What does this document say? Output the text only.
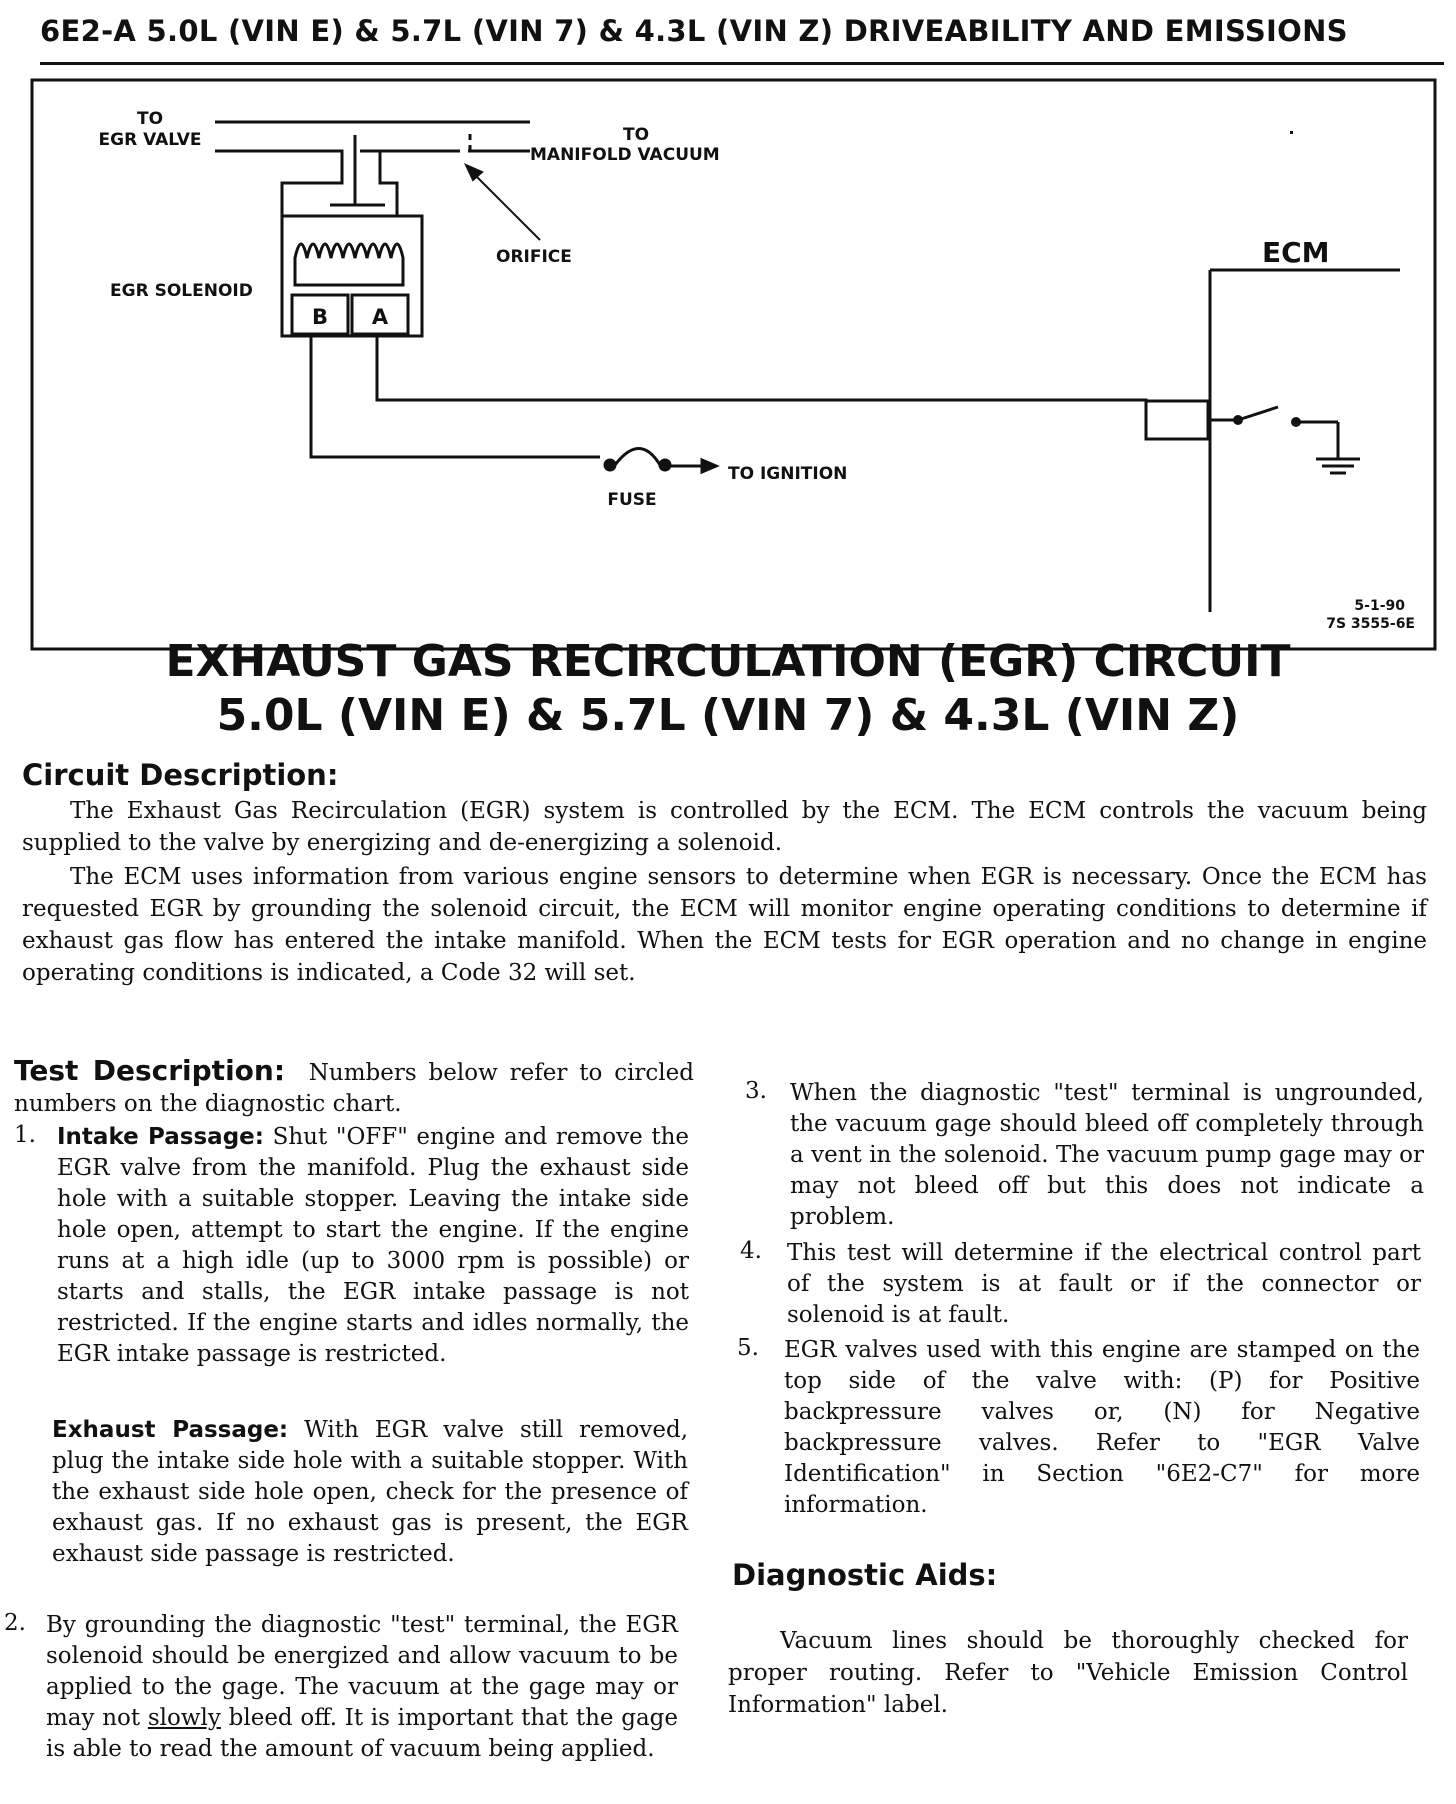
6E2-A 5.0L (VIN E) & 5.7L (VIN 7) & 4.3L (VIN Z) DRIVEABILITY AND EMISSIONS
TO
EGR VALVE	TO
MANIFOLD VACUUM
ORIFICE
EGR SOLENOID
TO IGNITION
FUSE
B A
ECM
5-1-90
7S 3555-6E
EXHAUST GAS RECIRCULATION (EGR) CIRCUIT
5.0L (VIN E) & 5.7L (VIN 7) & 4.3L (VIN Z)
Circuit Description:

The Exhaust Gas Recirculation (EGR) system is controlled by the ECM. The ECM controls the vacuum being supplied to the valve by energizing and de-energizing a solenoid.

The ECM uses information from various engine sensors to determine when EGR is necessary. Once the ECM has requested EGR by grounding the solenoid circuit, the ECM will monitor engine operating conditions to determine if exhaust gas flow has entered the intake manifold. When the ECM tests for EGR operation and no change in engine operating conditions is indicated, a Code 32 will set.

Test Description: Numbers below refer to circled numbers on the diagnostic chart.
1. Intake Passage: Shut "OFF" engine and remove the EGR valve from the manifold. Plug the exhaust side hole with a suitable stopper. Leaving the intake side hole open, attempt to start the engine. If the engine runs at a high idle (up to 3000 rpm is possible) or starts and stalls, the EGR intake passage is not restricted. If the engine starts and idles normally, the EGR intake passage is restricted.
Exhaust Passage: With EGR valve still removed, plug the intake side hole with a suitable stopper. With the exhaust side hole open, check for the presence of exhaust gas. If no exhaust gas is present, the EGR exhaust side passage is restricted.
2. By grounding the diagnostic "test" terminal, the EGR solenoid should be energized and allow vacuum to be applied to the gage. The vacuum at the gage may or may not slowly bleed off. It is important that the gage is able to read the amount of vacuum being applied.
3. When the diagnostic "test" terminal is ungrounded, the vacuum gage should bleed off completely through a vent in the solenoid. The vacuum pump gage may or may not bleed off but this does not indicate a problem.
4. This test will determine if the electrical control part of the system is at fault or if the connector or solenoid is at fault.
5. EGR valves used with this engine are stamped on the top side of the valve with: (P) for Positive backpressure valves or, (N) for Negative backpressure valves. Refer to "EGR Valve Identification" in Section "6E2-C7" for more information.
Diagnostic Aids:

Vacuum lines should be thoroughly checked for proper routing. Refer to "Vehicle Emission Control Information" label.
